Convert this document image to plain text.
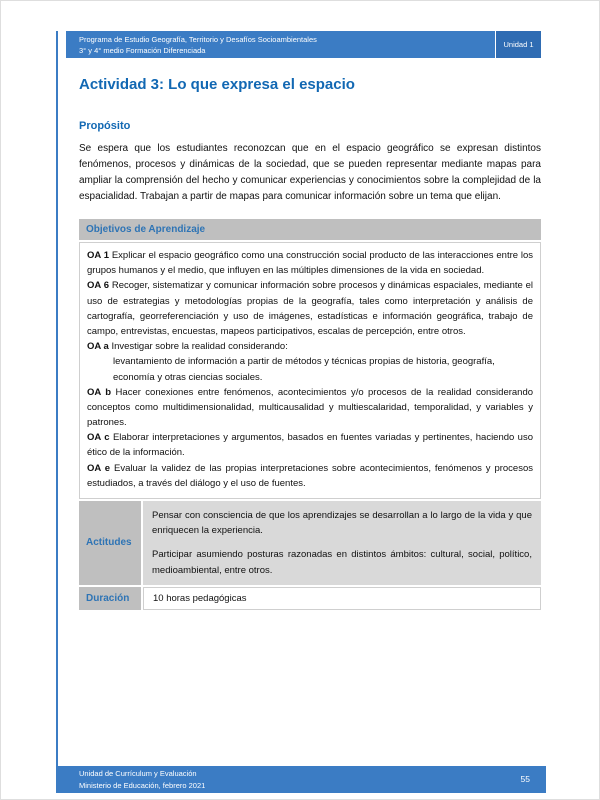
Programa de Estudio Geografía, Territorio y Desafíos Socioambientales
3° y 4° medio Formación Diferenciada
Unidad 1
Actividad 3: Lo que expresa el espacio
Propósito

Se espera que los estudiantes reconozcan que en el espacio geográfico se expresan distintos fenómenos, procesos y dinámicas de la sociedad, que se pueden representar mediante mapas para ampliar la comprensión del hecho y comunicar experiencias y conocimientos sobre la complejidad de la espacialidad. Trabajan a partir de mapas para comunicar información sobre un tema que elijan.

Objetivos de Aprendizaje

OA 1 Explicar el espacio geográfico como una construcción social producto de las interacciones entre los grupos humanos y el medio, que influyen en las múltiples dimensiones de la vida en sociedad.

OA 6 Recoger, sistematizar y comunicar información sobre procesos y dinámicas espaciales, mediante el uso de estrategias y metodologías propias de la geografía, tales como interpretación y análisis de cartografía, georreferenciación y uso de imágenes, estadísticas e información geográfica, trabajo de campo, entrevistas, encuestas, mapeos participativos, escalas de percepción, entre otros.

OA a Investigar sobre la realidad considerando:

levantamiento de información a partir de métodos y técnicas propias de historia, geografía, economía y otras ciencias sociales.

OA b Hacer conexiones entre fenómenos, acontecimientos y/o procesos de la realidad considerando conceptos como multidimensionalidad, multicausalidad y multiescalaridad, temporalidad, y variables y patrones.

OA c Elaborar interpretaciones y argumentos, basados en fuentes variadas y pertinentes, haciendo uso ético de la información.

OA e Evaluar la validez de las propias interpretaciones sobre acontecimientos, fenómenos y procesos estudiados, a través del diálogo y el uso de fuentes.

Actitudes

Pensar con consciencia de que los aprendizajes se desarrollan a lo largo de la vida y que enriquecen la experiencia.

Participar asumiendo posturas razonadas en distintos ámbitos: cultural, social, político, medioambiental, entre otros.

Duración	10 horas pedagógicas
Unidad de Currículum y Evaluación
Ministerio de Educación, febrero 2021
55
